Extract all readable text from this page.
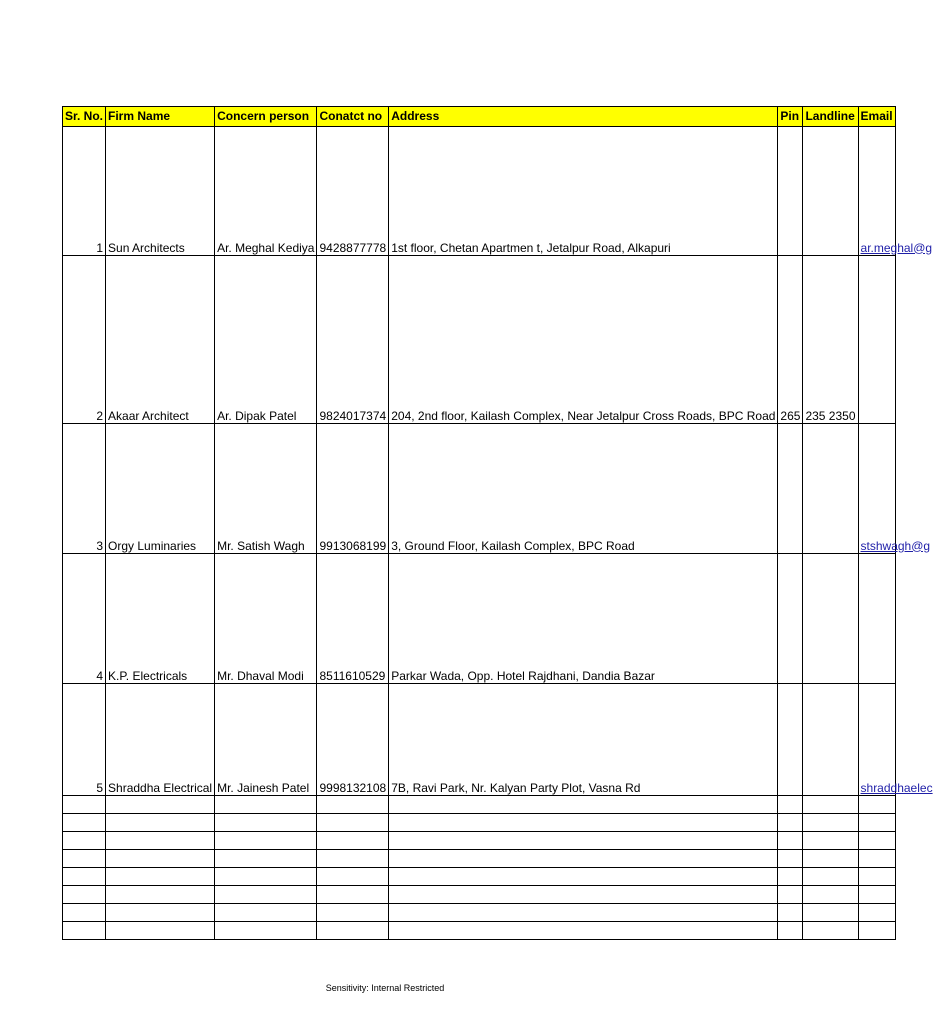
Sr. No.	Firm Name	Concern person	Conatct no	Address	Pin	Landline	Email
1	Sun Architects	Ar. Meghal Kediya	9428877778	1st floor, Chetan Apartmen t, Jetalpur Road, Alkapuri			ar.meghal@g
2	Akaar Architect	Ar. Dipak Patel	9824017374	204, 2nd floor, Kailash Complex, Near Jetalpur Cross Roads, BPC Road	265	235 2350	
3	Orgy Luminaries	Mr. Satish Wagh	9913068199	3, Ground Floor, Kailash Complex, BPC Road			stshwagh@g
4	K.P. Electricals	Mr. Dhaval Modi	8511610529	Parkar Wada, Opp. Hotel Rajdhani, Dandia Bazar			
5	Shraddha Electrical	Mr. Jainesh Patel	9998132108	7B, Ravi Park, Nr. Kalyan Party Plot, Vasna Rd			shraddhaelec

Sensitivity: Internal Restricted
